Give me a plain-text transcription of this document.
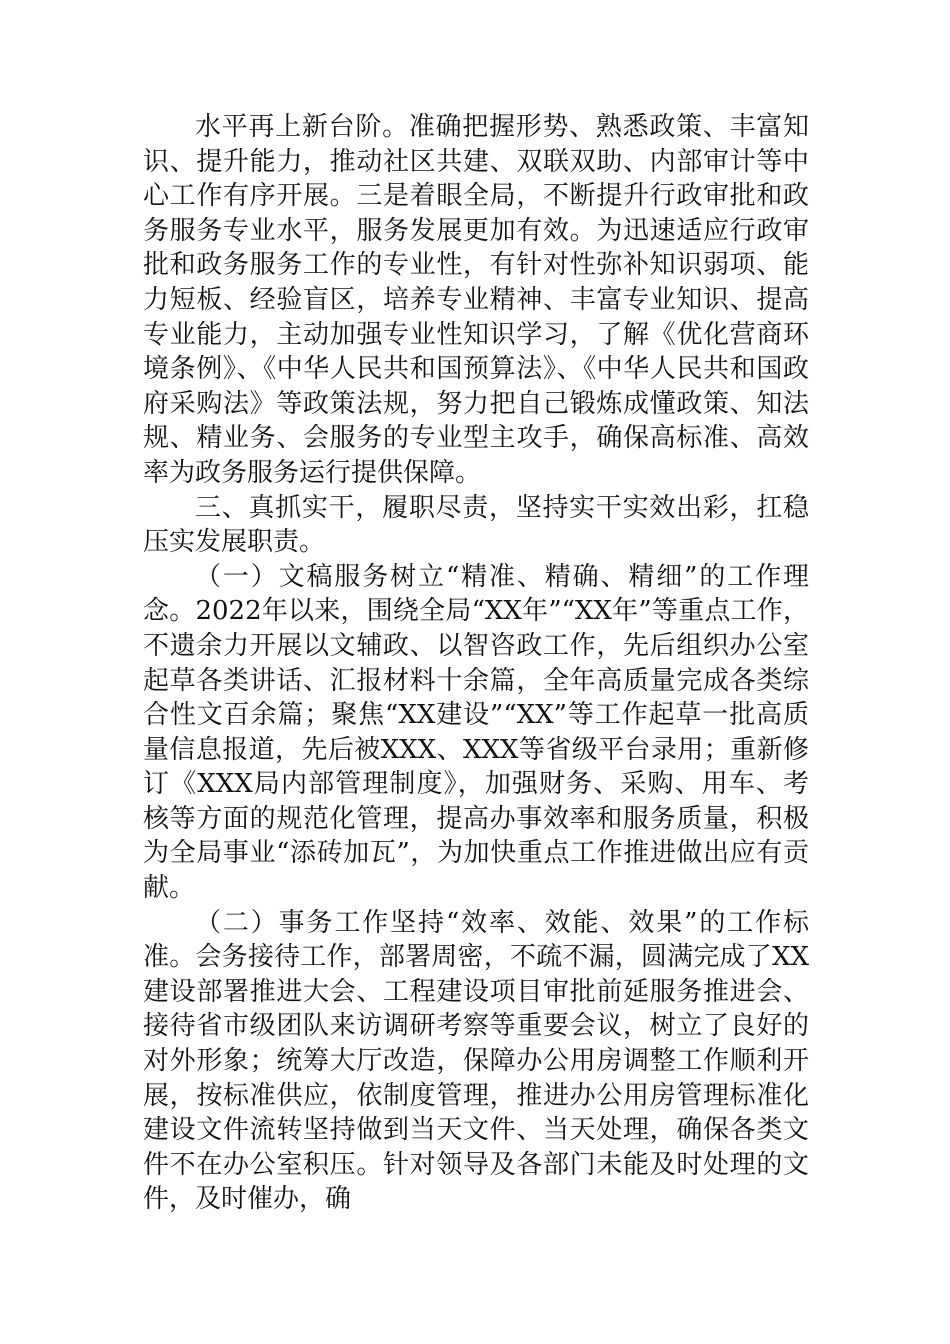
水平再上新台阶。准确把握形势、熟悉政策、丰富知识、提升能力，推动社区共建、双联双助、内部审计等中心工作有序开展。三是着眼全局，不断提升行政审批和政务服务专业水平，服务发展更加有效。为迅速适应行政审批和政务服务工作的专业性，有针对性弥补知识弱项、能力短板、经验盲区，培养专业精神、丰富专业知识、提高专业能力，主动加强专业性知识学习，了解《优化营商环境条例》、《中华人民共和国预算法》、《中华人民共和国政府采购法》等政策法规，努力把自己锻炼成懂政策、知法规、精业务、会服务的专业型主攻手，确保高标准、高效率为政务服务运行提供保障。

三、真抓实干，履职尽责，坚持实干实效出彩，扛稳压实发展职责。

（一）文稿服务树立“精准、精确、精细”的工作理念。2022年以来，围绕全局“XX年”“XX年”等重点工作，不遗余力开展以文辅政、以智咨政工作，先后组织办公室起草各类讲话、汇报材料十余篇，全年高质量完成各类综合性文百余篇；聚焦“XX建设”“XX”等工作起草一批高质量信息报道，先后被XXX、XXX等省级平台录用；重新修订《XXX局内部管理制度》，加强财务、采购、用车、考核等方面的规范化管理，提高办事效率和服务质量，积极为全局事业“添砖加瓦”，为加快重点工作推进做出应有贡献。

（二）事务工作坚持“效率、效能、效果”的工作标准。会务接待工作，部署周密，不疏不漏，圆满完成了XX建设部署推进大会、工程建设项目审批前延服务推进会、接待省市级团队来访调研考察等重要会议，树立了良好的对外形象；统筹大厅改造，保障办公用房调整工作顺利开展，按标准供应，依制度管理，推进办公用房管理标准化建设文件流转坚持做到当天文件、当天处理，确保各类文件不在办公室积压。针对领导及各部门未能及时处理的文件，及时催办，确
